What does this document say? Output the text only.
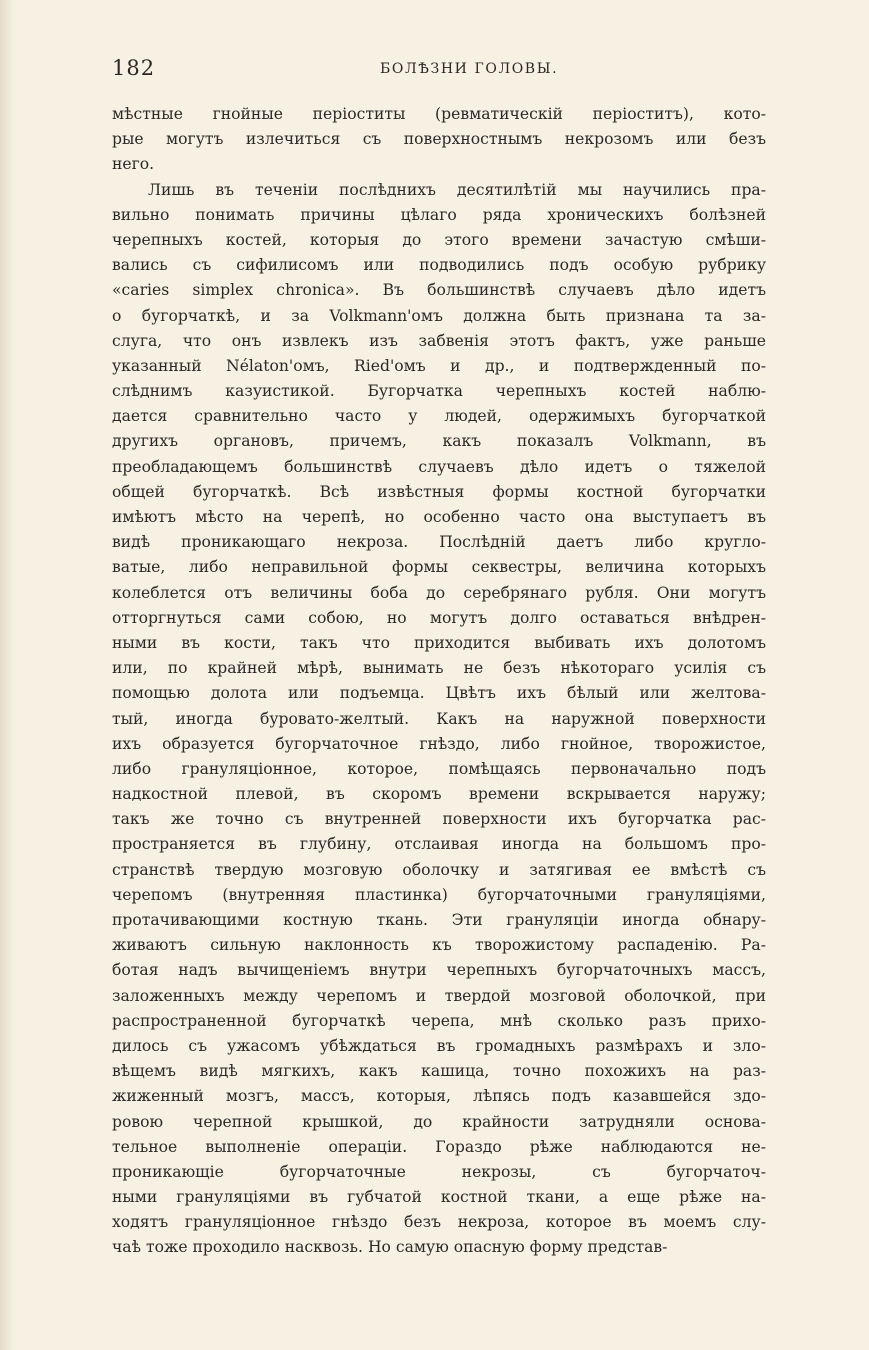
182	БОЛѢЗНИ ГОЛОВЫ.
мѣстные гнойные періоститы (ревматическій періоститъ), кото-
рые могутъ излечиться съ поверхностнымъ некрозомъ или безъ
него.
Лишь въ теченіи послѣднихъ десятилѣтій мы научились пра-
вильно понимать причины цѣлаго ряда хроническихъ болѣзней
черепныхъ костей, которыя до этого времени зачастую смѣши-
вались съ сифилисомъ или подводились подъ особую рубрику
«caries simplex chronica». Въ большинствѣ случаевъ дѣло идетъ
о бугорчаткѣ, и за Volkmann'омъ должна быть признана та за-
слуга, что онъ извлекъ изъ забвенія этотъ фактъ, уже раньше
указанный Nélaton'омъ, Ried'омъ и др., и подтвержденный по-
слѣднимъ казуистикой. Бугорчатка черепныхъ костей наблю-
дается сравнительно часто у людей, одержимыхъ бугорчаткой
другихъ органовъ, причемъ, какъ показалъ Volkmann, въ
преобладающемъ большинствѣ случаевъ дѣло идетъ о тяжелой
общей бугорчаткѣ. Всѣ извѣстныя формы костной бугорчатки
имѣютъ мѣсто на черепѣ, но особенно часто она выступаетъ въ
видѣ проникающаго некроза. Послѣдній даетъ либо кругло-
ватые, либо неправильной формы секвестры, величина которыхъ
колеблется отъ величины боба до серебрянаго рубля. Они могутъ
отторгнуться сами собою, но могутъ долго оставаться внѣдрен-
ными въ кости, такъ что приходится выбивать ихъ долотомъ
или, по крайней мѣрѣ, вынимать не безъ нѣкотораго усилія съ
помощью долота или подъемца. Цвѣтъ ихъ бѣлый или желтова-
тый, иногда буровато-желтый. Какъ на наружной поверхности
ихъ образуется бугорчаточное гнѣздо, либо гнойное, творожистое,
либо грануляціонное, которое, помѣщаясь первоначально подъ
надкостной плевой, въ скоромъ времени вскрывается наружу;
такъ же точно съ внутренней поверхности ихъ бугорчатка рас-
пространяется въ глубину, отслаивая иногда на большомъ про-
странствѣ твердую мозговую оболочку и затягивая ее вмѣстѣ съ
черепомъ (внутренняя пластинка) бугорчаточными грануляціями,
протачивающими костную ткань. Эти грануляціи иногда обнару-
живаютъ сильную наклонность къ творожистому распаденію. Ра-
ботая надъ вычищеніемъ внутри черепныхъ бугорчаточныхъ массъ,
заложенныхъ между черепомъ и твердой мозговой оболочкой, при
распространенной бугорчаткѣ черепа, мнѣ сколько разъ прихо-
дилось съ ужасомъ убѣждаться въ громадныхъ размѣрахъ и зло-
вѣщемъ видѣ мягкихъ, какъ кашица, точно похожихъ на раз-
жиженный мозгъ, массъ, которыя, лѣпясь подъ казавшейся здо-
ровою черепной крышкой, до крайности затрудняли основа-
тельное выполненіе операціи. Гораздо рѣже наблюдаются не-
проникающіе бугорчаточные некрозы, съ бугорчаточ-
ными грануляціями въ губчатой костной ткани, а еще рѣже на-
ходятъ грануляціонное гнѣздо безъ некроза, которое въ моемъ слу-
чаѣ тоже проходило насквозь. Но самую опасную форму представ-
